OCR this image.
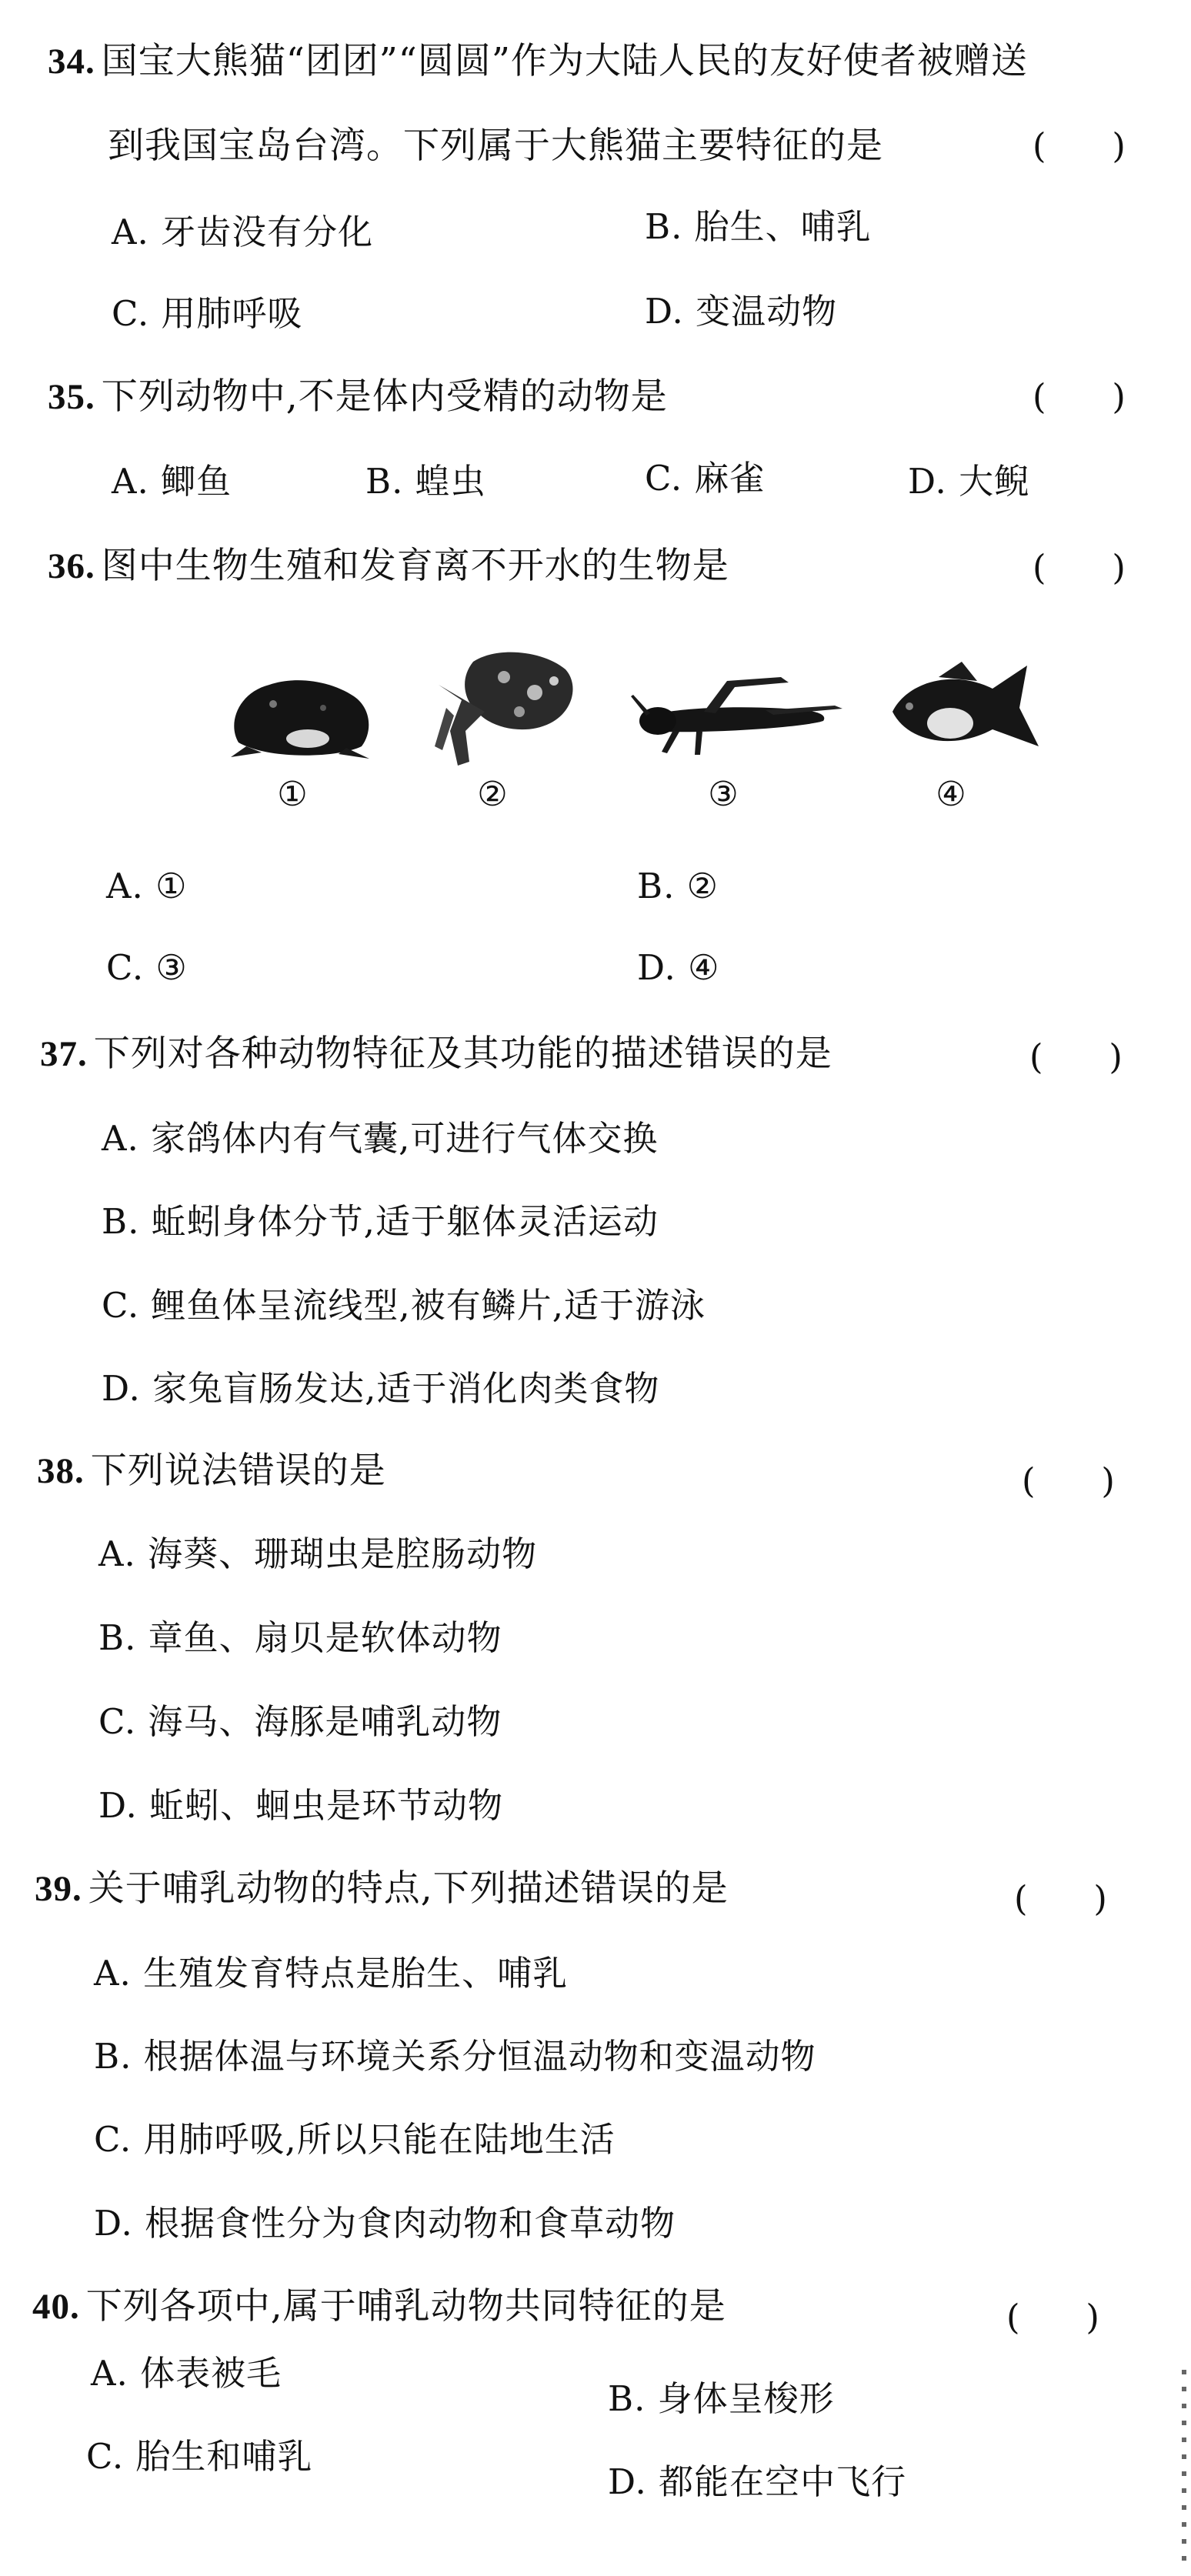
34. 国宝大熊猫“团团”“圆圆”作为大陆人民的友好使者被赠送
到我国宝岛台湾。下列属于大熊猫主要特征的是	(      )
A. 牙齿没有分化	B. 胎生、哺乳
C. 用肺呼吸	D. 变温动物
35. 下列动物中,不是体内受精的动物是	(      )
A. 鲫鱼	B. 蝗虫	C. 麻雀	D. 大鲵
36. 图中生物生殖和发育离不开水的生物是	(      )
①	②	③	④
A. ①	B. ②
C. ③	D. ④
37. 下列对各种动物特征及其功能的描述错误的是	(      )
A. 家鸽体内有气囊,可进行气体交换
B. 蚯蚓身体分节,适于躯体灵活运动
C. 鲤鱼体呈流线型,被有鳞片,适于游泳
D. 家兔盲肠发达,适于消化肉类食物
38. 下列说法错误的是	(      )
A. 海葵、珊瑚虫是腔肠动物
B. 章鱼、扇贝是软体动物
C. 海马、海豚是哺乳动物
D. 蚯蚓、蛔虫是环节动物
39. 关于哺乳动物的特点,下列描述错误的是	(      )
A. 生殖发育特点是胎生、哺乳
B. 根据体温与环境关系分恒温动物和变温动物
C. 用肺呼吸,所以只能在陆地生活
D. 根据食性分为食肉动物和食草动物
40. 下列各项中,属于哺乳动物共同特征的是	(      )
A. 体表被毛
B. 身体呈梭形
C. 胎生和哺乳
D. 都能在空中飞行
